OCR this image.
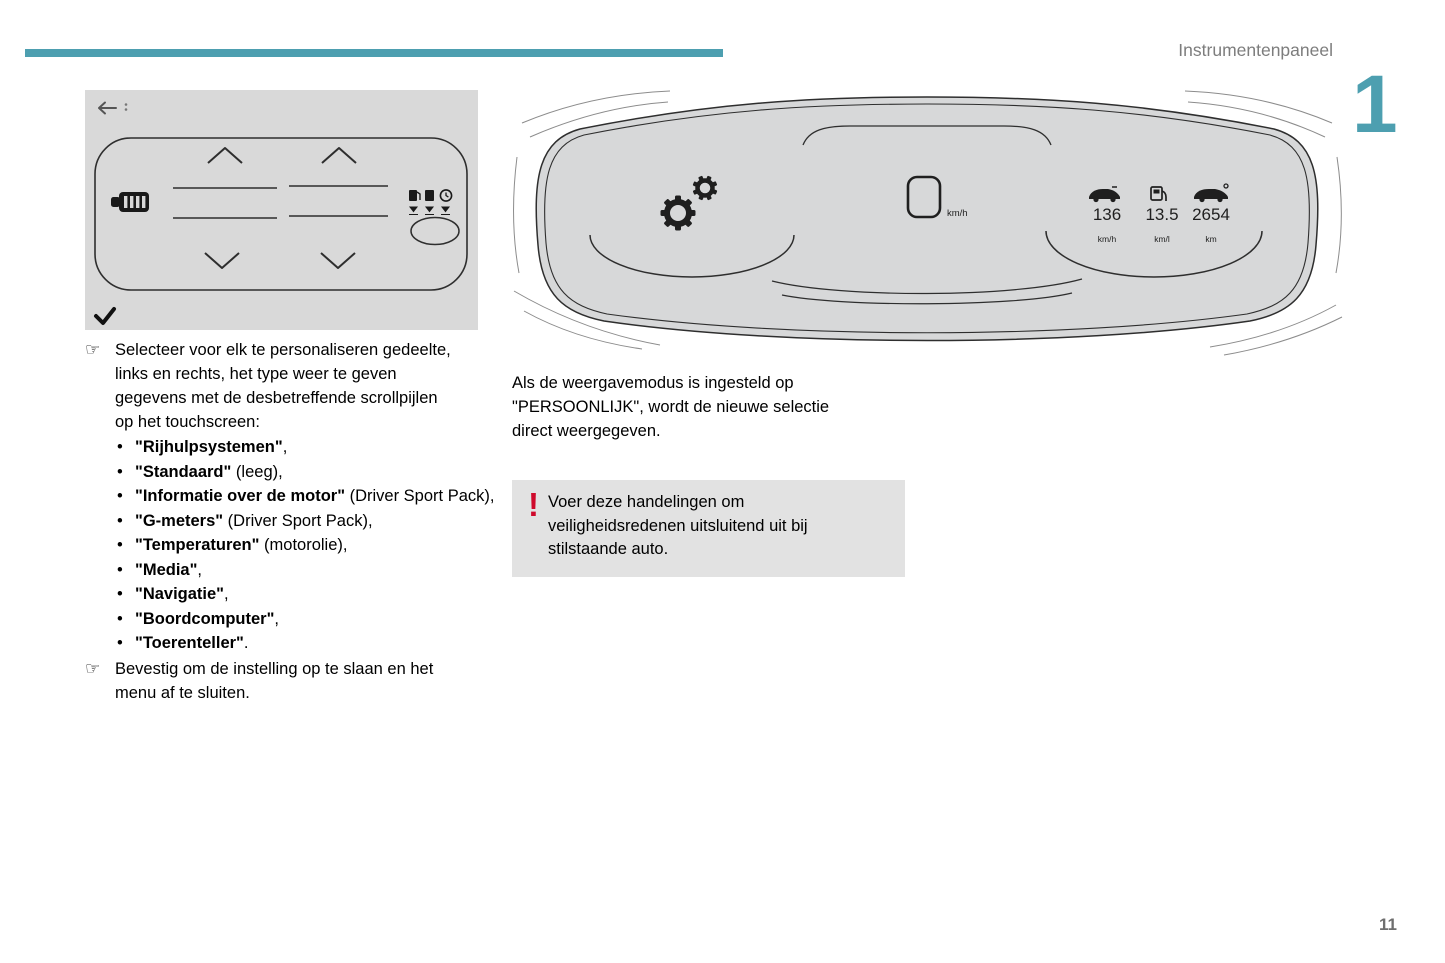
Instrumentenpaneel
1
km/h	136 13.5 2654
km/h	km/l	km
☞ Selecteer voor elk te personaliseren gedeelte, links en rechts, het type weer te geven gegevens met de desbetreffende scrollpijlen op het touchscreen:
• "Rijhulpsystemen",
• "Standaard" (leeg),
• "Informatie over de motor" (Driver Sport Pack),
• "G-meters" (Driver Sport Pack),
• "Temperaturen" (motorolie),
• "Media",
• "Navigatie",
• "Boordcomputer",
• "Toerenteller".
☞ Bevestig om de instelling op te slaan en het menu af te sluiten.
Als de weergavemodus is ingesteld op "PERSOONLIJK", wordt de nieuwe selectie direct weergegeven.
! Voer deze handelingen om veiligheidsredenen uitsluitend uit bij stilstaande auto.
11
